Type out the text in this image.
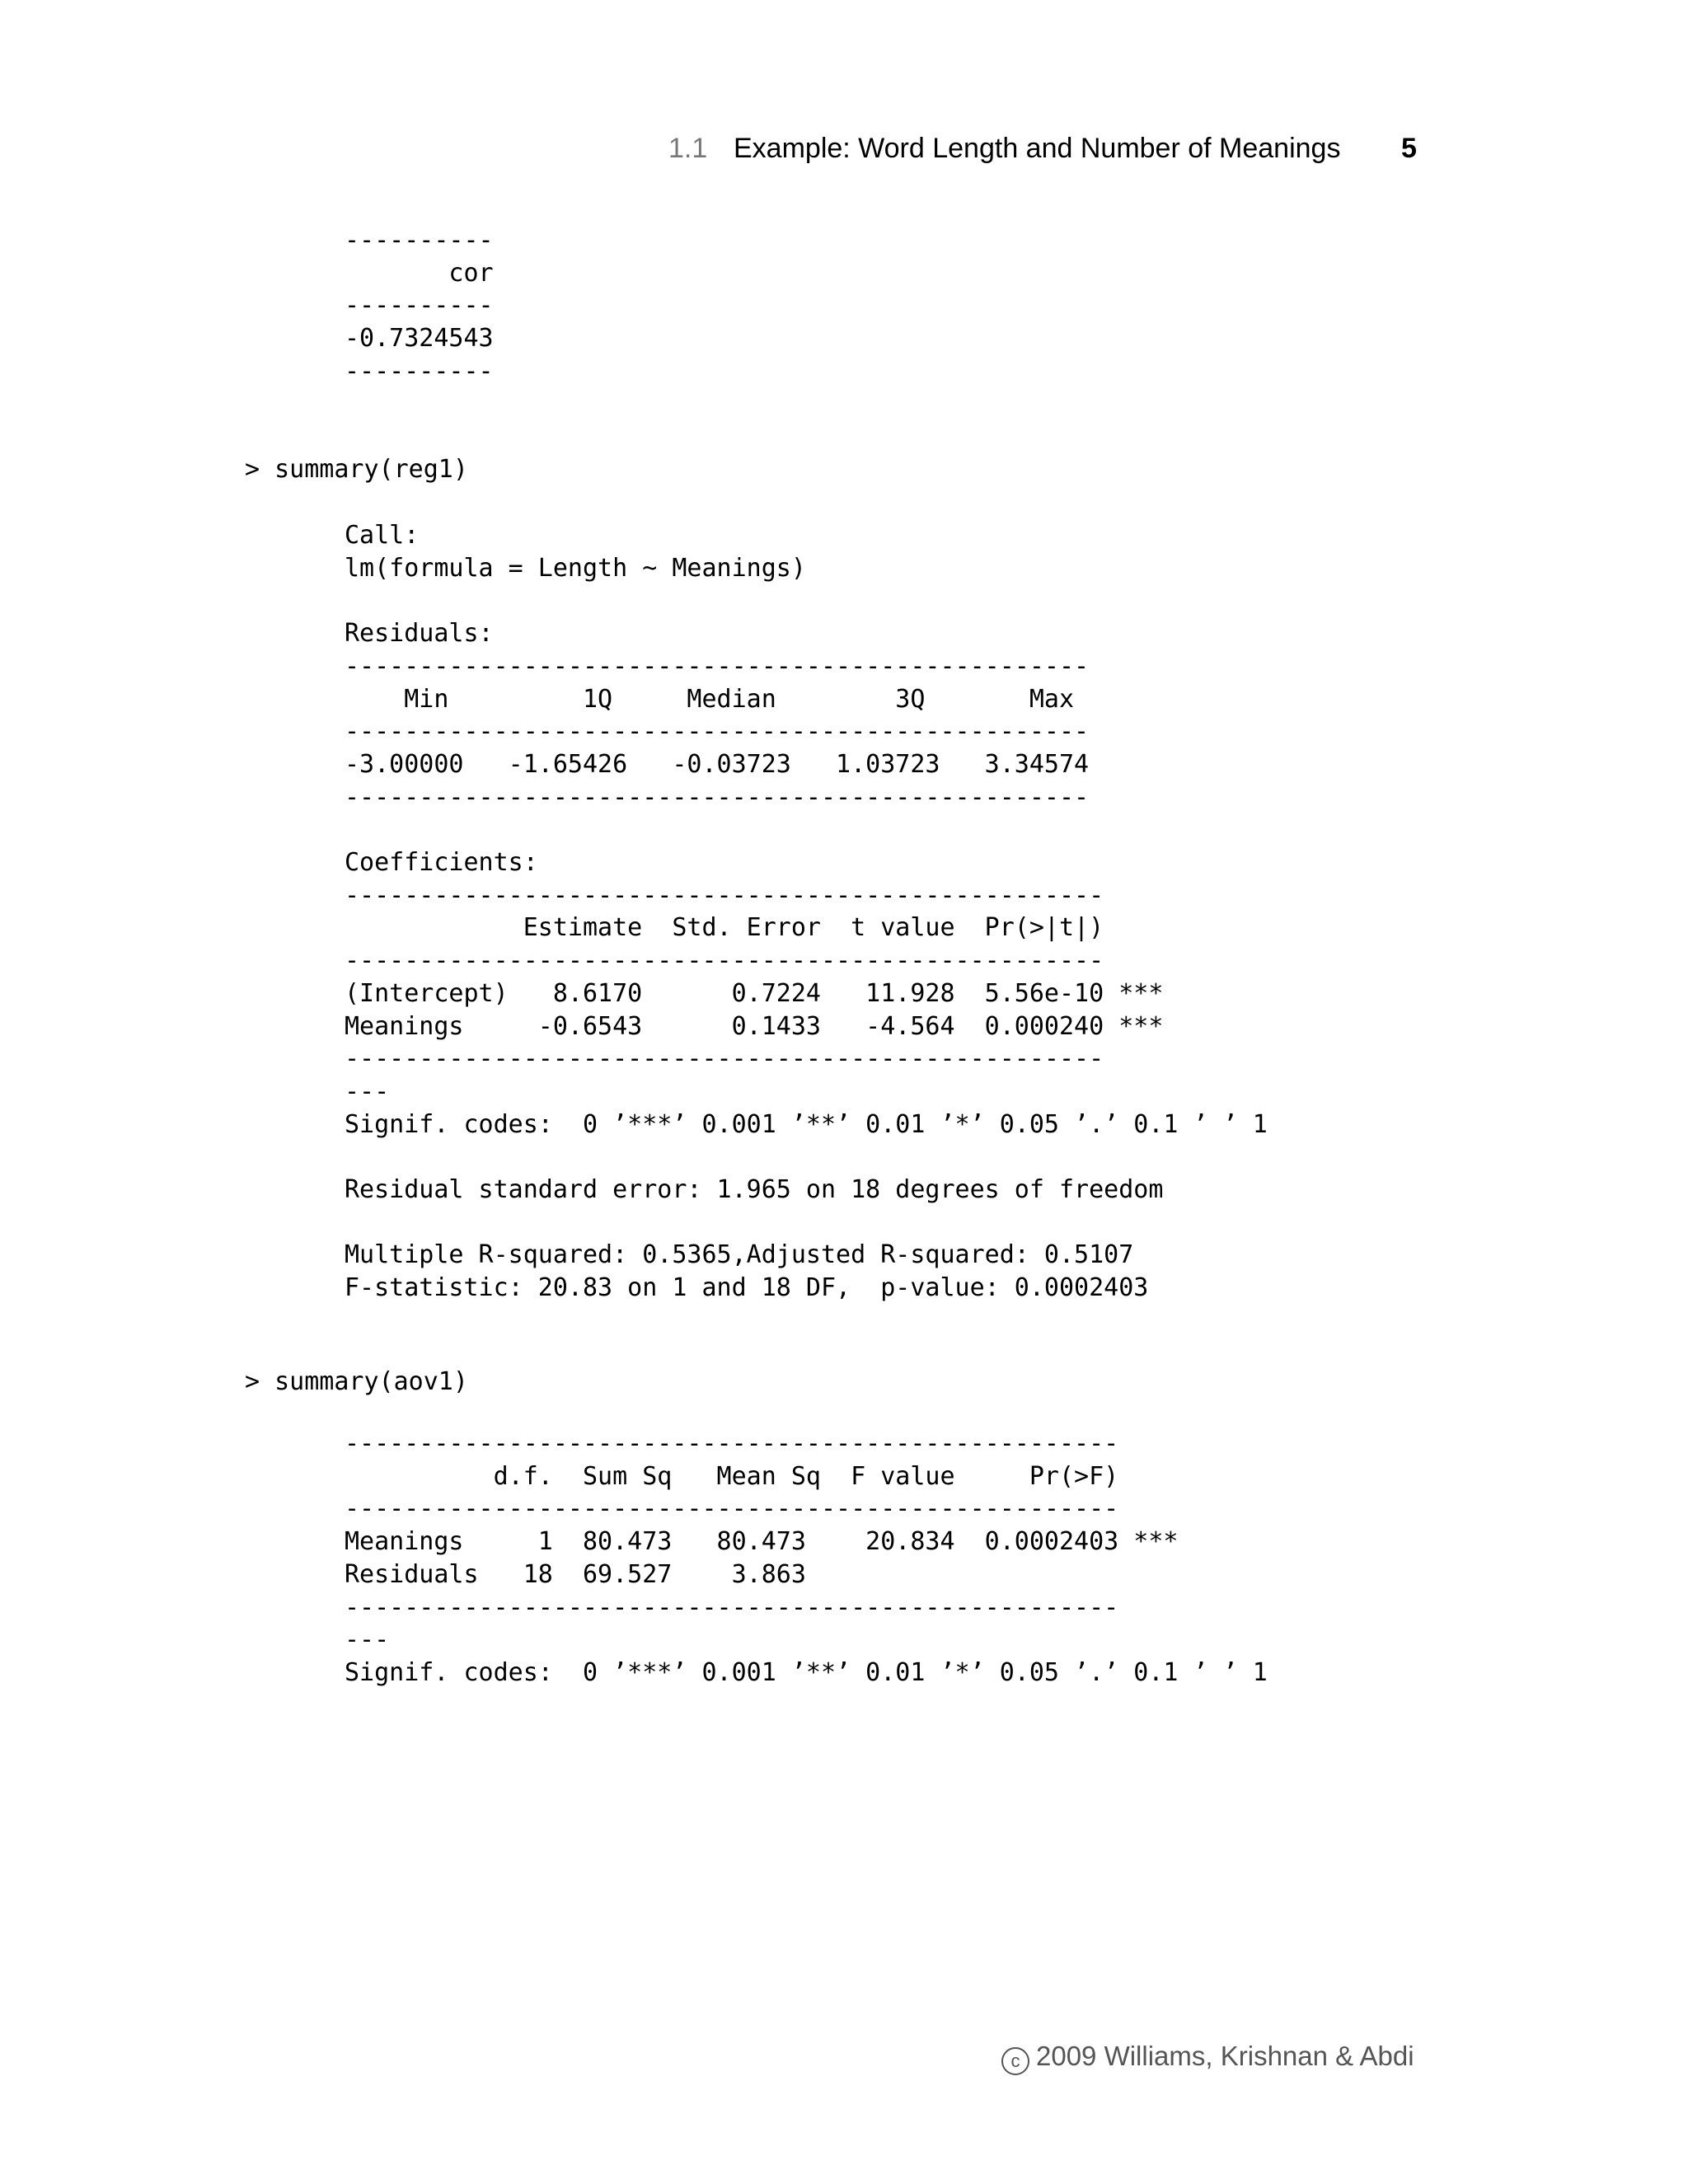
1.1 Example: Word Length and Number of Meanings 5
----------
cor
----------
-0.7324543
----------
> summary(reg1)
Call:
lm(formula = Length ~ Meanings)

Residuals:
--------------------------------------------------
Min         1Q     Median        3Q       Max
--------------------------------------------------
-3.00000   -1.65426   -0.03723   1.03723   3.34574
--------------------------------------------------

Coefficients:
---------------------------------------------------
Estimate  Std. Error  t value  Pr(>|t|)
---------------------------------------------------
(Intercept)   8.6170      0.7224   11.928  5.56e-10 ***
Meanings     -0.6543      0.1433   -4.564  0.000240 ***
---------------------------------------------------
---
Signif. codes:  0 ’***’ 0.001 ’**’ 0.01 ’*’ 0.05 ’.’ 0.1 ’ ’ 1

Residual standard error: 1.965 on 18 degrees of freedom

Multiple R-squared: 0.5365,Adjusted R-squared: 0.5107
F-statistic: 20.83 on 1 and 18 DF,  p-value: 0.0002403
> summary(aov1)
----------------------------------------------------
d.f.  Sum Sq   Mean Sq  F value     Pr(>F)
----------------------------------------------------
Meanings     1  80.473   80.473    20.834  0.0002403 ***
Residuals   18  69.527    3.863
----------------------------------------------------
---
Signif. codes:  0 ’***’ 0.001 ’**’ 0.01 ’*’ 0.05 ’.’ 0.1 ’ ’ 1
c 2009 Williams, Krishnan & Abdi
